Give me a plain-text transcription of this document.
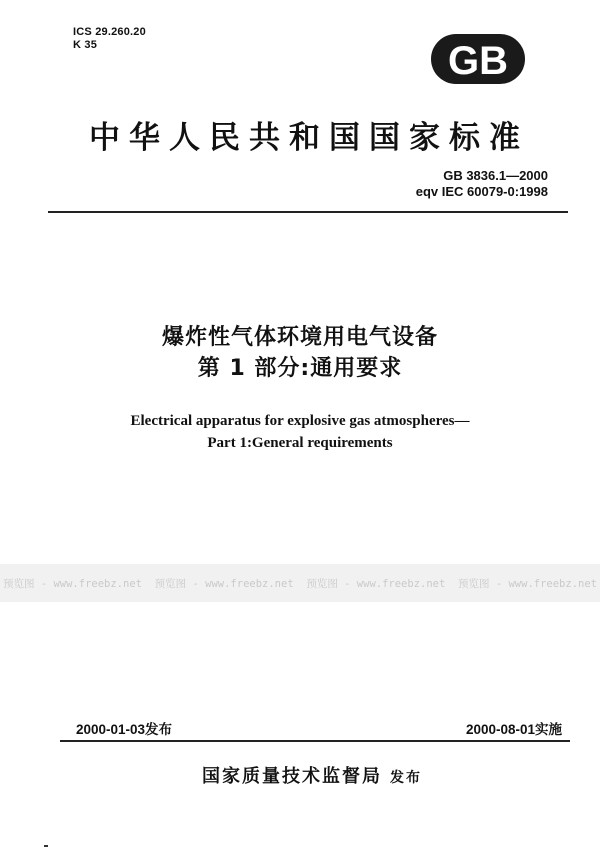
ICS 29.260.20
K 35	GB
中华人民共和国国家标准
GB 3836.1—2000
eqv IEC 60079-0:1998
爆炸性气体环境用电气设备
第 1 部分:通用要求
Electrical apparatus for explosive gas atmospheres—
Part 1:General requirements
预览图 - www.freebz.net 预览图 - www.freebz.net 预览图 - www.freebz.net 预览图 - www.freebz.net
2000-01-03发布	2000-08-01实施
国家质量技术监督局 发布
